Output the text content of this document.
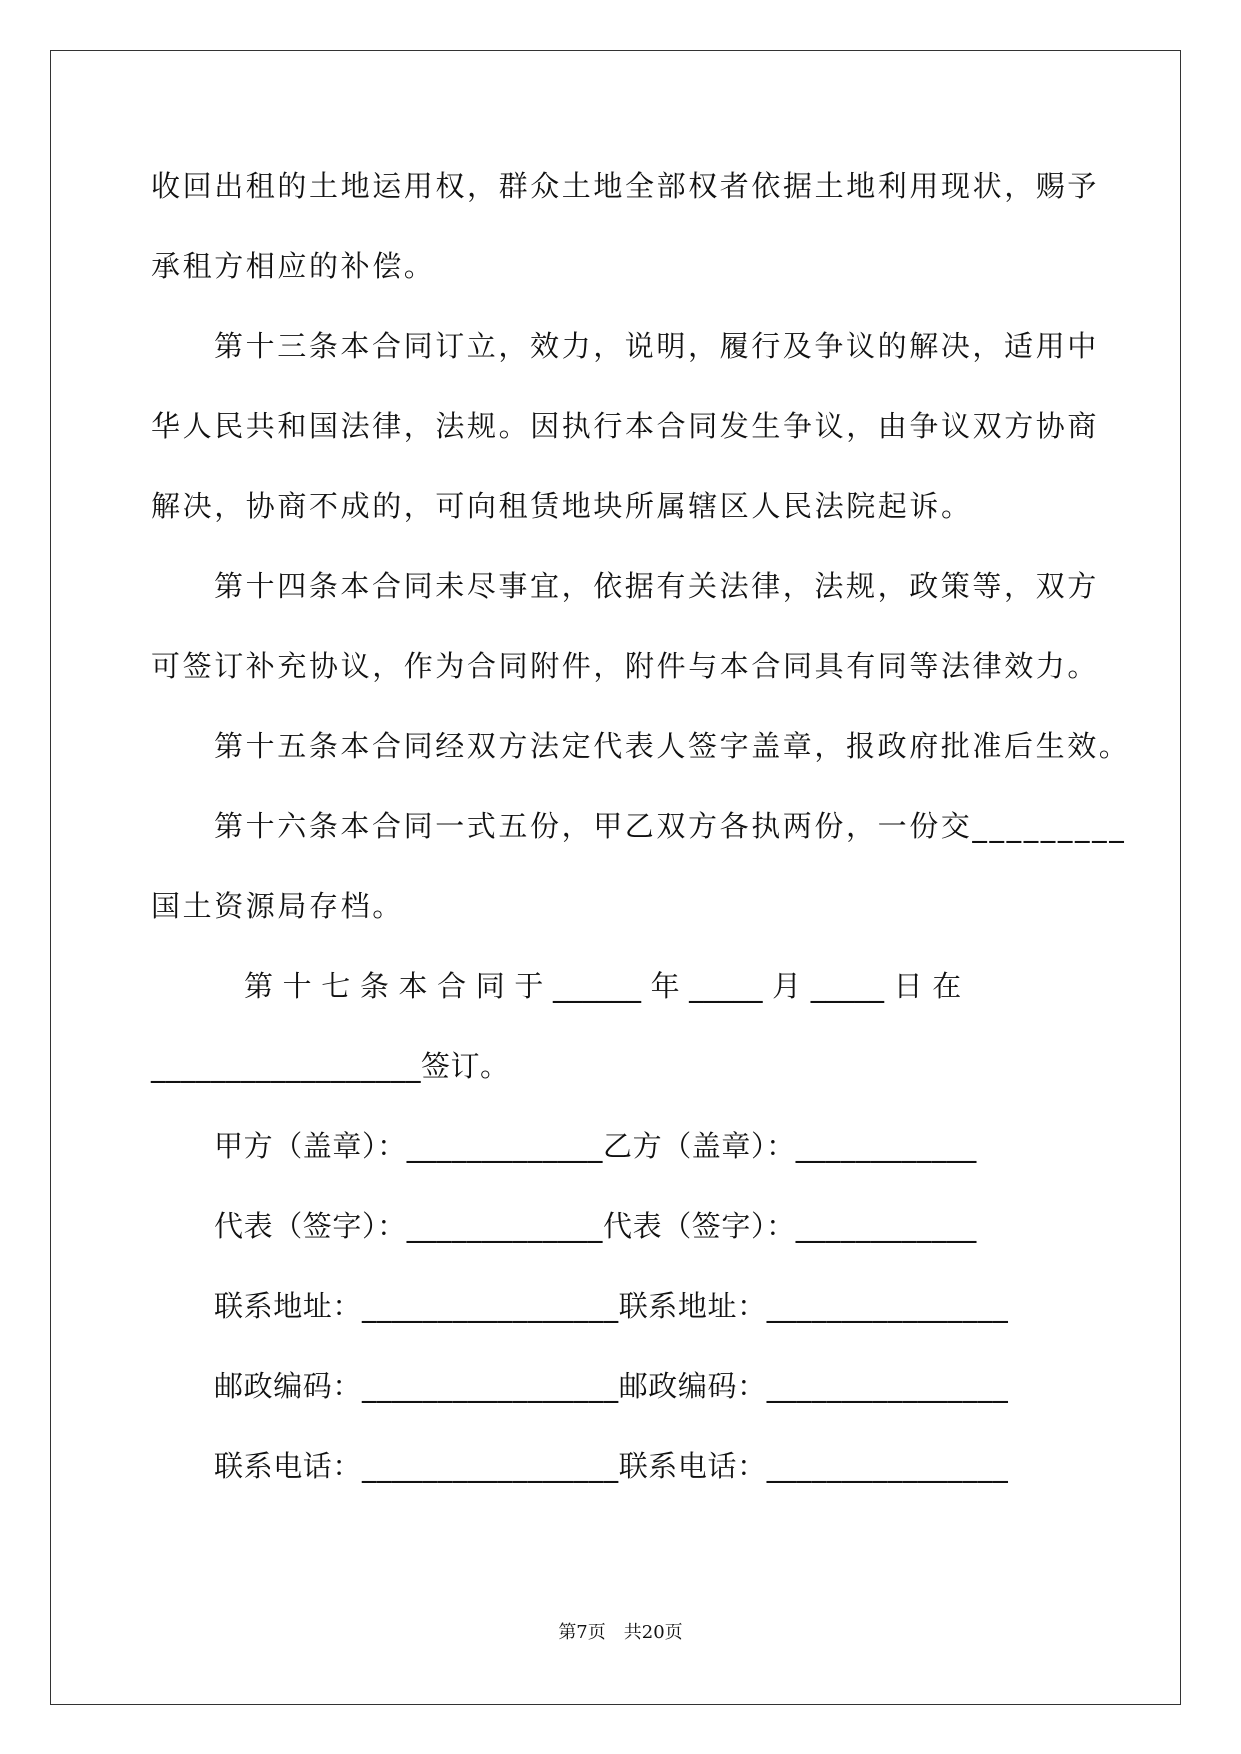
收回出租的土地运用权，群众土地全部权者依据土地利用现状，赐予
承租方相应的补偿。
第十三条本合同订立，效力，说明，履行及争议的解决，适用中
华人民共和国法律，法规。因执行本合同发生争议，由争议双方协商
解决，协商不成的，可向租赁地块所属辖区人民法院起诉。
第十四条本合同未尽事宜，依据有关法律，法规，政策等，双方
可签订补充协议，作为合同附件，附件与本合同具有同等法律效力。
第十五条本合同经双方法定代表人签字盖章，报政府批准后生效。
第十六条本合同一式五份，甲乙双方各执两份，一份交_________
国土资源局存档。
第 十 七 条 本 合 同 于 ______ 年 _____ 月 _____ 日 在
__________________签订。
甲方（盖章）：_____________乙方（盖章）：____________
代表（签字）：_____________代表（签字）：____________
联系地址：_________________联系地址：________________
邮政编码：_________________邮政编码：________________
联系电话：_________________联系电话：________________
第7页　共20页
